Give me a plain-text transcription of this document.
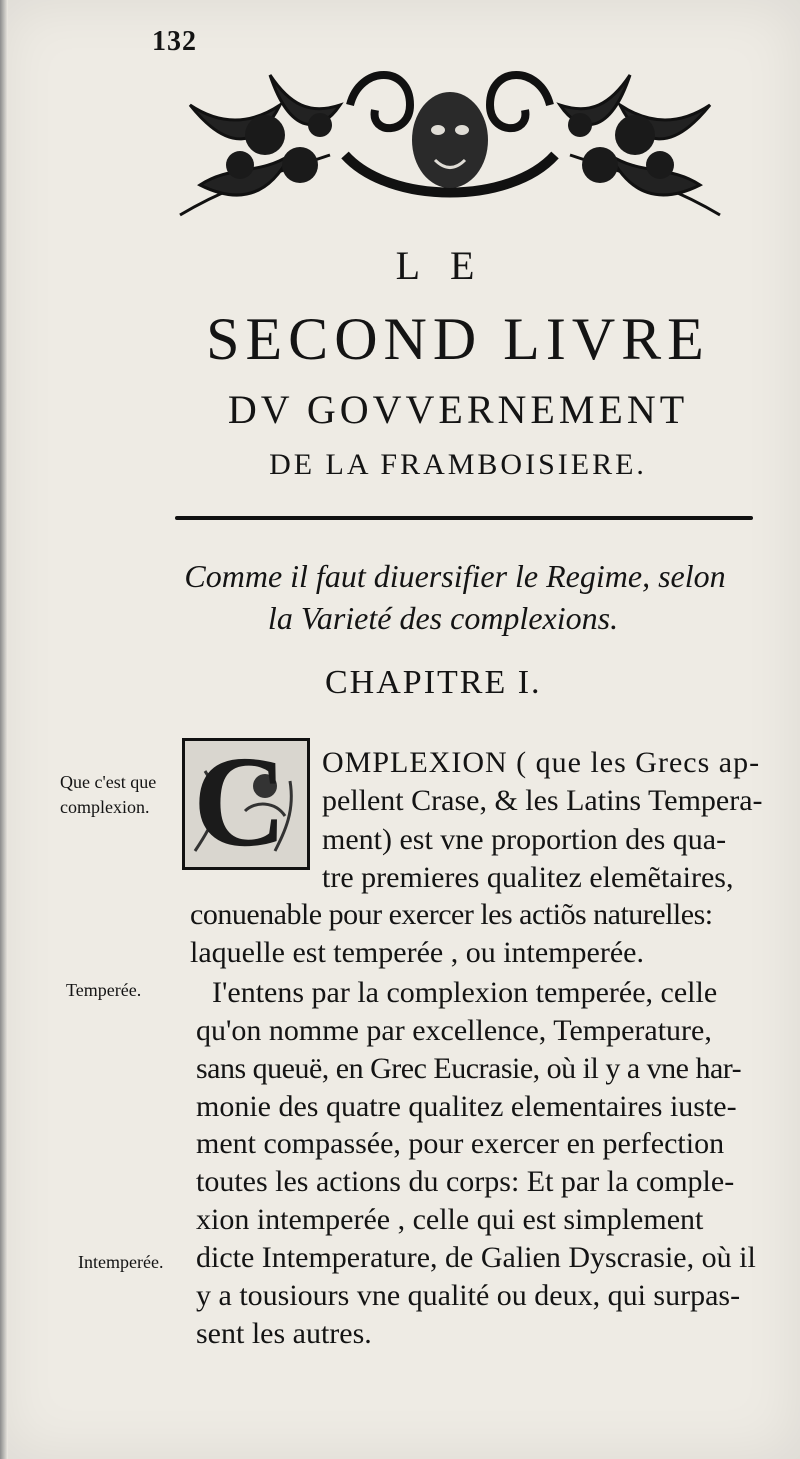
132
LE
SECOND LIVRE
DV GOVVERNEMENT
DE LA FRAMBOISIERE.
Comme il faut diuersifier le Regime, selon
la Varieté des complexions.
CHAPITRE I.
Que c'est que complexion.
Temperée.
Intemperée.
C OMPLEXION ( que les Grecs ap-
pellent Crase, & les Latins Tempera-
ment) est vne proportion des qua-
tre premieres qualitez elemẽtaires,
conuenable pour exercer les actiõs naturelles:
laquelle est temperée , ou intemperée.
I'entens par la complexion temperée, celle
qu'on nomme par excellence, Temperature,
sans queuë, en Grec Eucrasie, où il y a vne har-
monie des quatre qualitez elementaires iuste-
ment compassée, pour exercer en perfection
toutes les actions du corps: Et par la comple-
xion intemperée , celle qui est simplement
dicte Intemperature, de Galien Dyscrasie, où il
y a tousiours vne qualité ou deux, qui surpas-
sent les autres.
